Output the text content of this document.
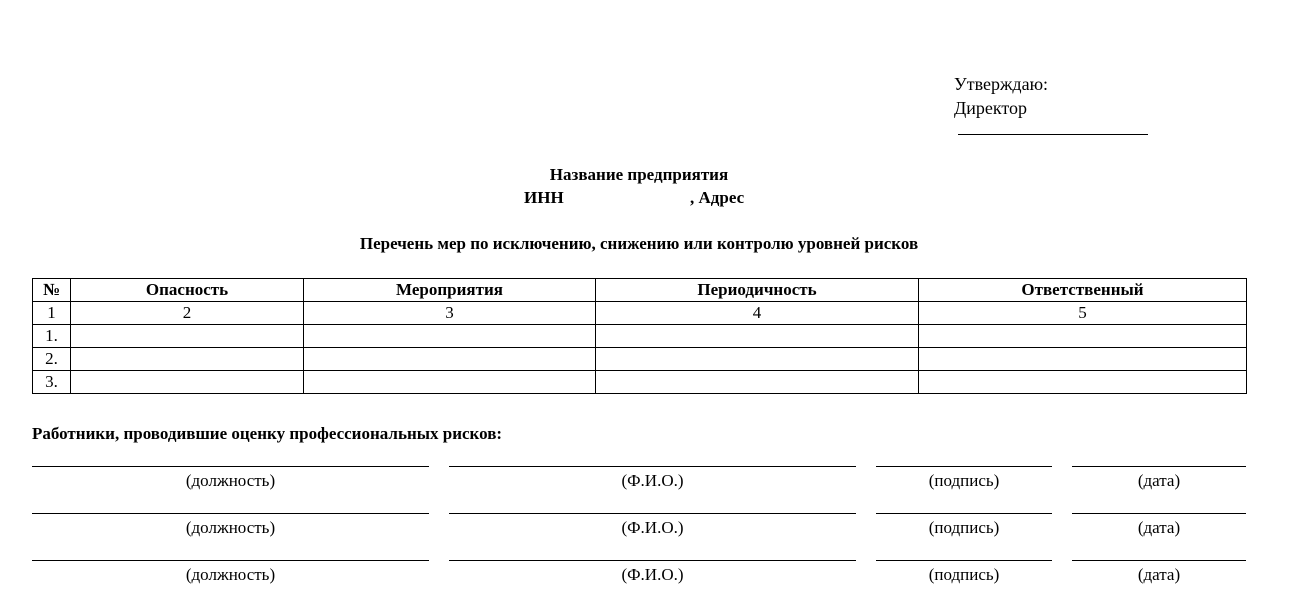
Утверждаю:
Директор
Название предприятия
ИНН	, Адрес
Перечень мер по исключению, снижению или контролю уровней рисков
№	Опасность	Мероприятия	Периодичность	Ответственный
1	2	3	4	5
1.				
2.				
3.				
Работники, проводившие оценку профессиональных рисков:
(должность)	(Ф.И.О.)	(подпись)	(дата)
(должность)	(Ф.И.О.)	(подпись)	(дата)
(должность)	(Ф.И.О.)	(подпись)	(дата)
